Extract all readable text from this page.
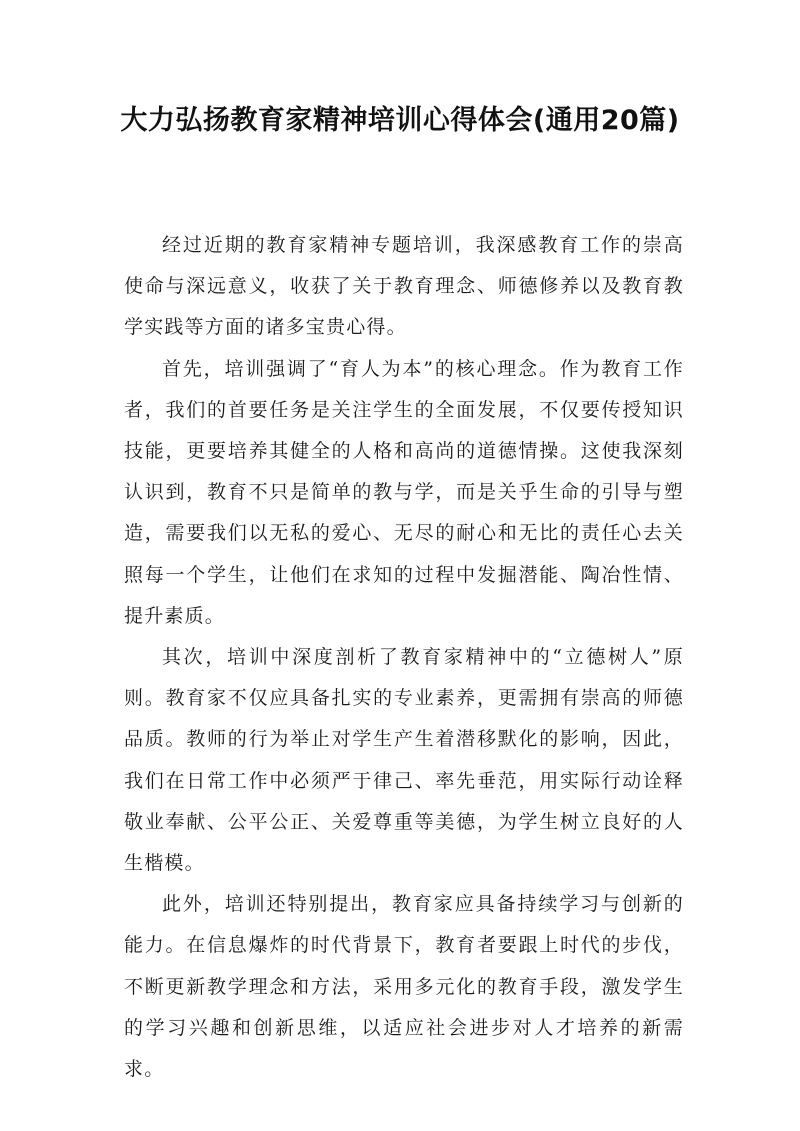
大力弘扬教育家精神培训心得体会(通用20篇)

经过近期的教育家精神专题培训，我深感教育工作的崇高使命与深远意义，收获了关于教育理念、师德修养以及教育教学实践等方面的诸多宝贵心得。

首先，培训强调了“育人为本”的核心理念。作为教育工作者，我们的首要任务是关注学生的全面发展，不仅要传授知识技能，更要培养其健全的人格和高尚的道德情操。这使我深刻认识到，教育不只是简单的教与学，而是关乎生命的引导与塑造，需要我们以无私的爱心、无尽的耐心和无比的责任心去关照每一个学生，让他们在求知的过程中发掘潜能、陶冶性情、提升素质。

其次，培训中深度剖析了教育家精神中的“立德树人”原则。教育家不仅应具备扎实的专业素养，更需拥有崇高的师德品质。教师的行为举止对学生产生着潜移默化的影响，因此，我们在日常工作中必须严于律己、率先垂范，用实际行动诠释敬业奉献、公平公正、关爱尊重等美德，为学生树立良好的人生楷模。

此外，培训还特别提出，教育家应具备持续学习与创新的能力。在信息爆炸的时代背景下，教育者要跟上时代的步伐，不断更新教学理念和方法，采用多元化的教育手段，激发学生的学习兴趣和创新思维，以适应社会进步对人才培养的新需求。
